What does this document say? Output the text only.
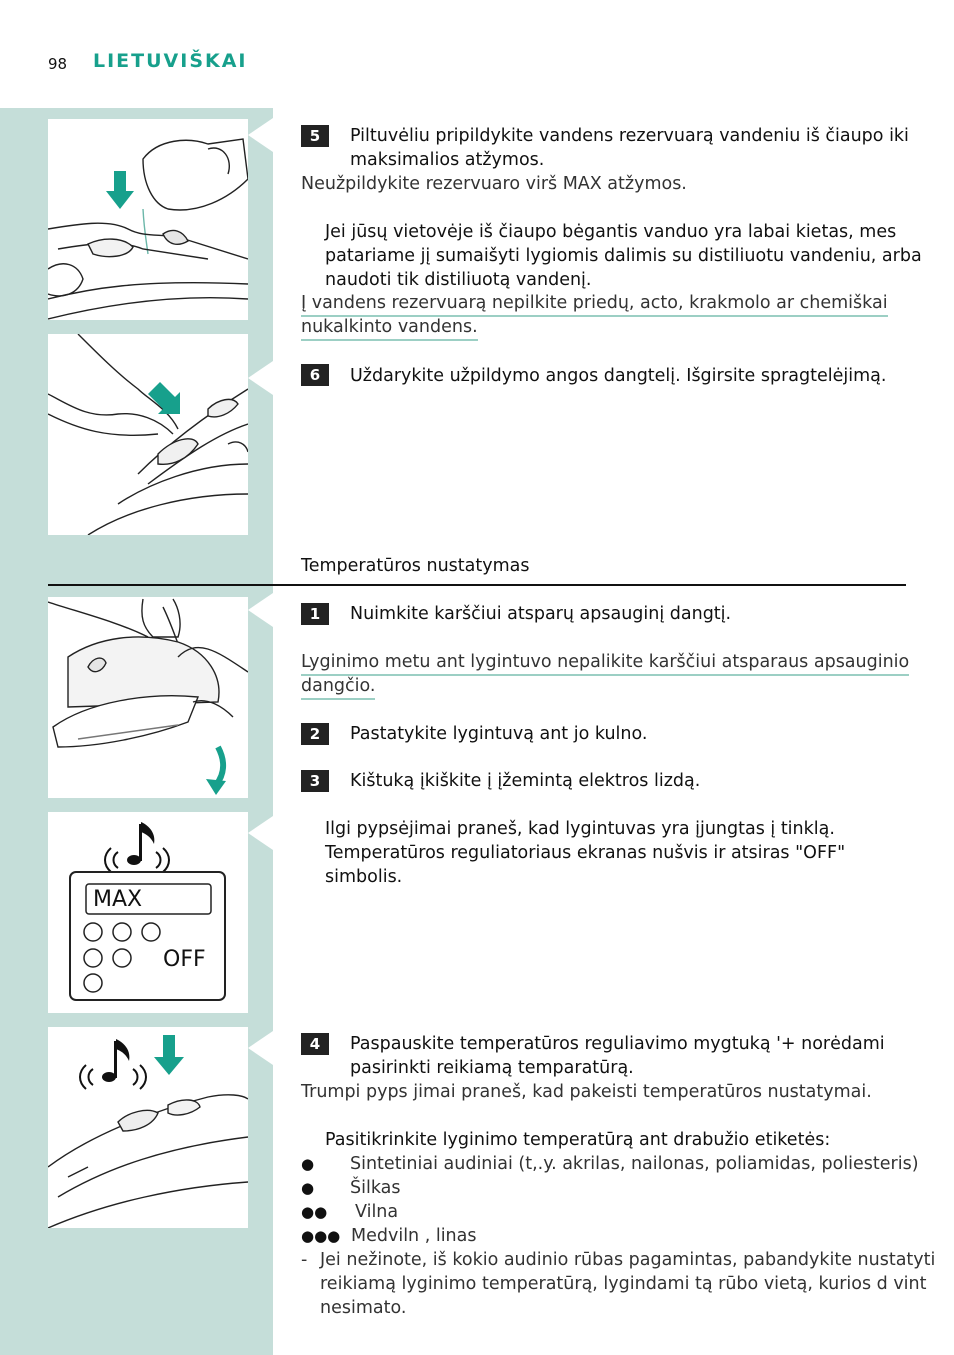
98 LIETUVIŠKAI
MAX
OFF
5	Piltuvėliu pripildykite vandens rezervuarą vandeniu iš čiaupo iki
maksimalios atžymos.
Neužpildykite rezervuaro virš MAX atžymos.
Jei jūsų vietovėje iš čiaupo bėgantis vanduo yra labai kietas, mes
patariame jį sumaišyti lygiomis dalimis su distiliuotu vandeniu, arba
naudoti tik distiliuotą vandenį.
Į vandens rezervuarą nepilkite priedų, acto, krakmolo ar chemiškai
nukalkinto vandens.
6	Uždarykite užpildymo angos dangtelį. Išgirsite spragtelėjimą.
Temperatūros nustatymas
1	Nuimkite karščiui atsparų apsauginį dangtį.
Lyginimo metu ant lygintuvo nepalikite karščiui atsparaus apsauginio
dangčio.
2	Pastatykite lygintuvą ant jo kulno.
3	Kištuką įkiškite į įžemintą elektros lizdą.
Ilgi pypsėjimai praneš, kad lygintuvas yra įjungtas į tinklą.
Temperatūros reguliatoriaus ekranas nušvis ir atsiras "OFF"
simbolis.
4	Paspauskite temperatūros reguliavimo mygtuką '+ norėdami
pasirinkti reikiamą temparatūrą.
Trumpi pyps jimai praneš, kad pakeisti temperatūros nustatymai.
Pasitikrinkite lyginimo temperatūrą ant drabužio etiketės:
● Sintetiniai audiniai (t,.y. akrilas, nailonas, poliamidas, poliesteris)
● Šilkas
●● Vilna
●●● Medviln , linas
- Jei nežinote, iš kokio audinio rūbas pagamintas, pabandykite nustatyti
reikiamą lyginimo temperatūrą, lygindami tą rūbo vietą, kurios d vint
nesimato.
